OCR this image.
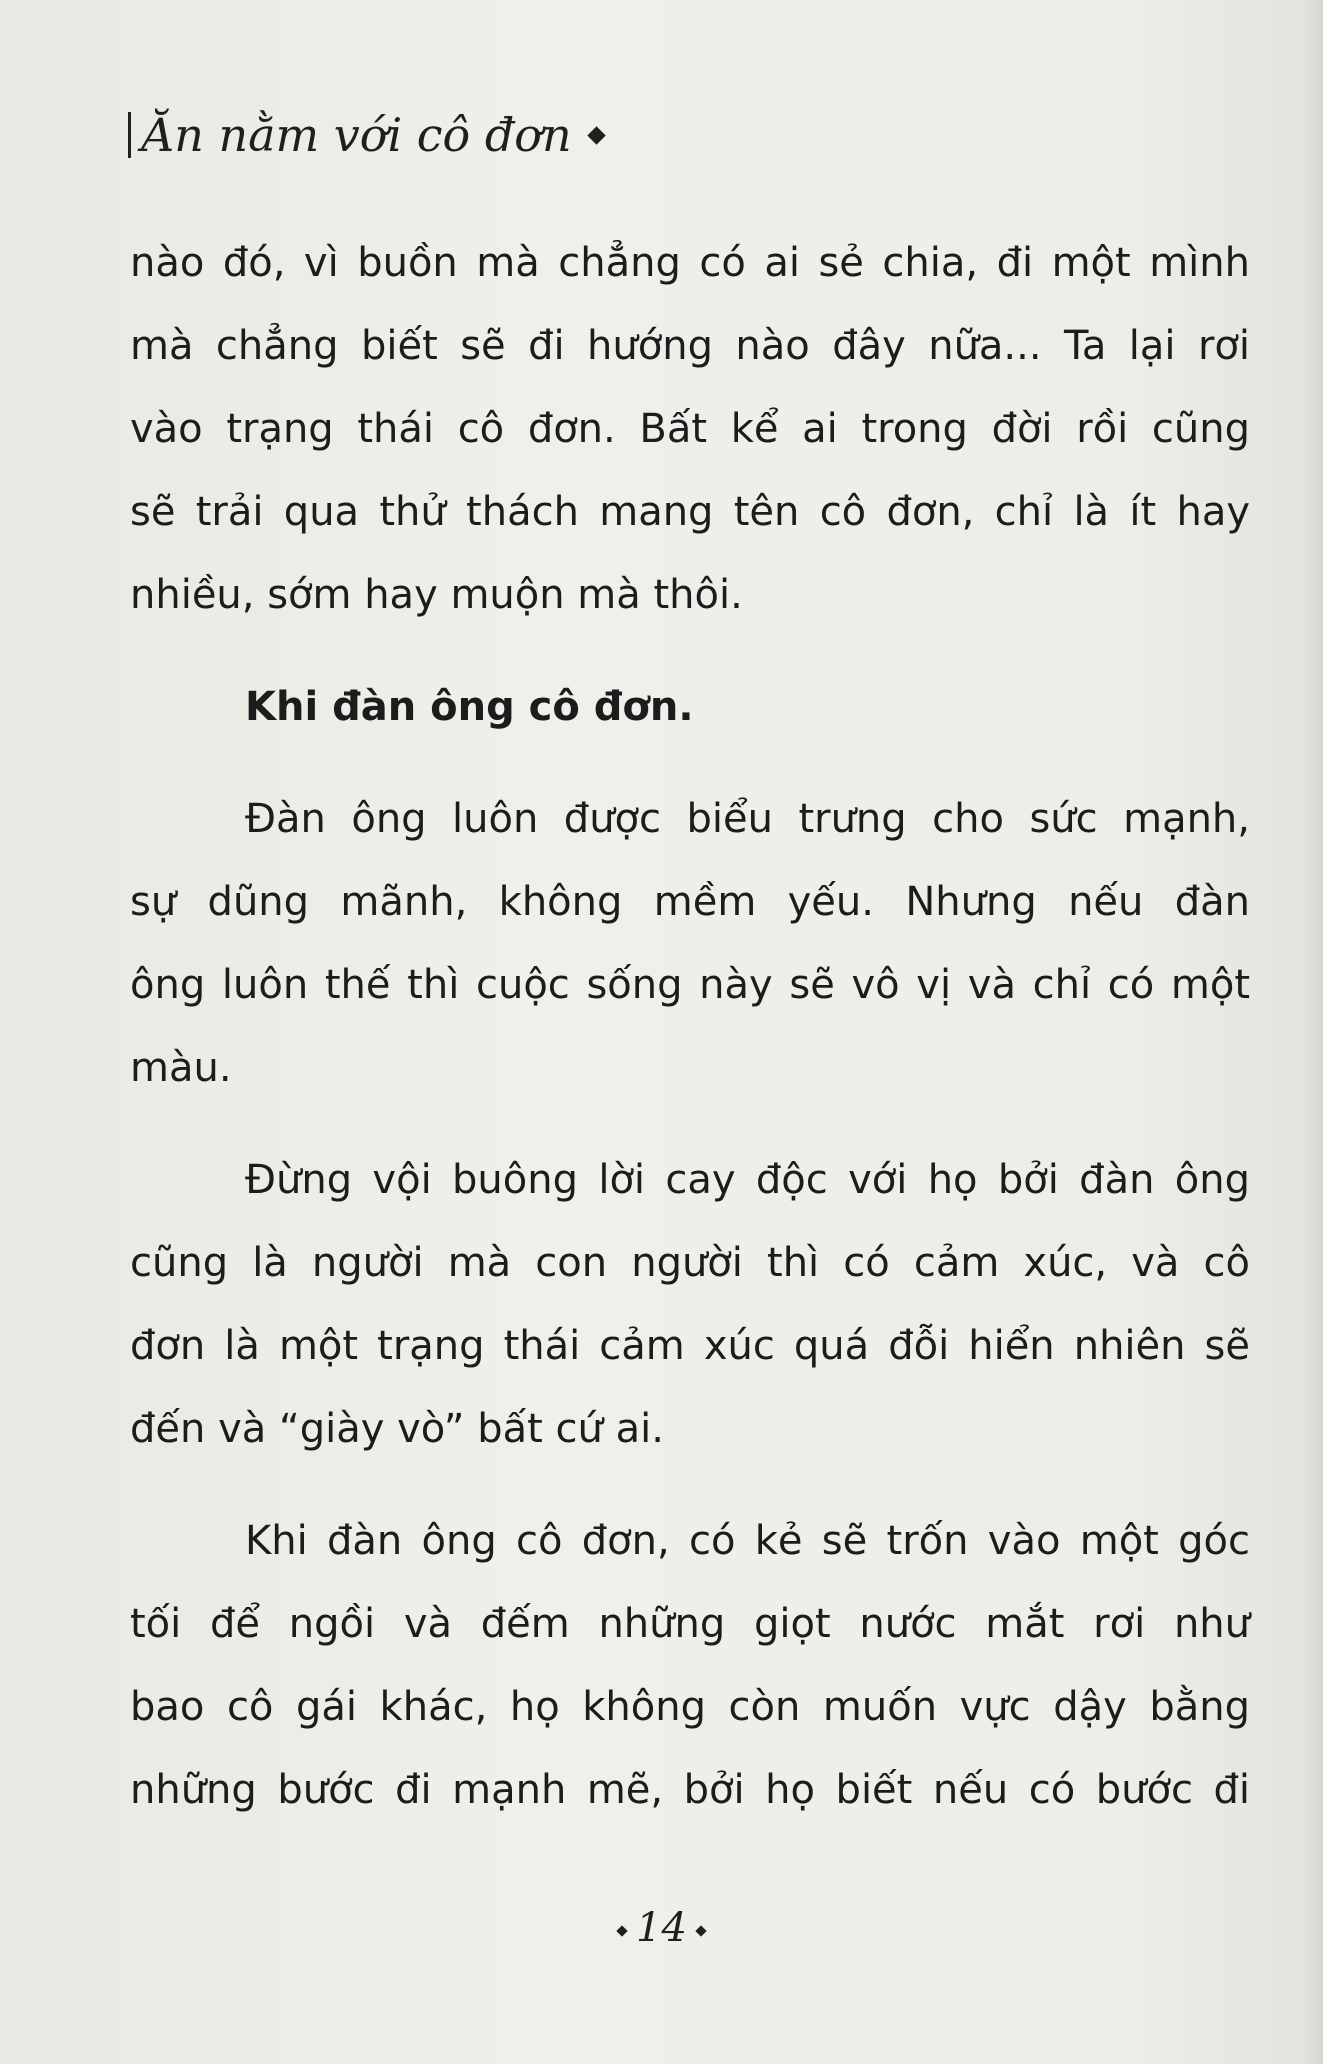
Ăn nằm với cô đơn
nào đó, vì buồn mà chẳng có ai sẻ chia, đi một mình
mà chẳng biết sẽ đi hướng nào đây nữa... Ta lại rơi
vào trạng thái cô đơn. Bất kể ai trong đời rồi cũng
sẽ trải qua thử thách mang tên cô đơn, chỉ là ít hay
nhiều, sớm hay muộn mà thôi.
Khi đàn ông cô đơn.
Đàn ông luôn được biểu trưng cho sức mạnh,
sự dũng mãnh, không mềm yếu. Nhưng nếu đàn
ông luôn thế thì cuộc sống này sẽ vô vị và chỉ có một
màu.
Đừng vội buông lời cay độc với họ bởi đàn ông
cũng là người mà con người thì có cảm xúc, và cô
đơn là một trạng thái cảm xúc quá đỗi hiển nhiên sẽ
đến và “giày vò” bất cứ ai.
Khi đàn ông cô đơn, có kẻ sẽ trốn vào một góc
tối để ngồi và đếm những giọt nước mắt rơi như
bao cô gái khác, họ không còn muốn vực dậy bằng
những bước đi mạnh mẽ, bởi họ biết nếu có bước đi
14
